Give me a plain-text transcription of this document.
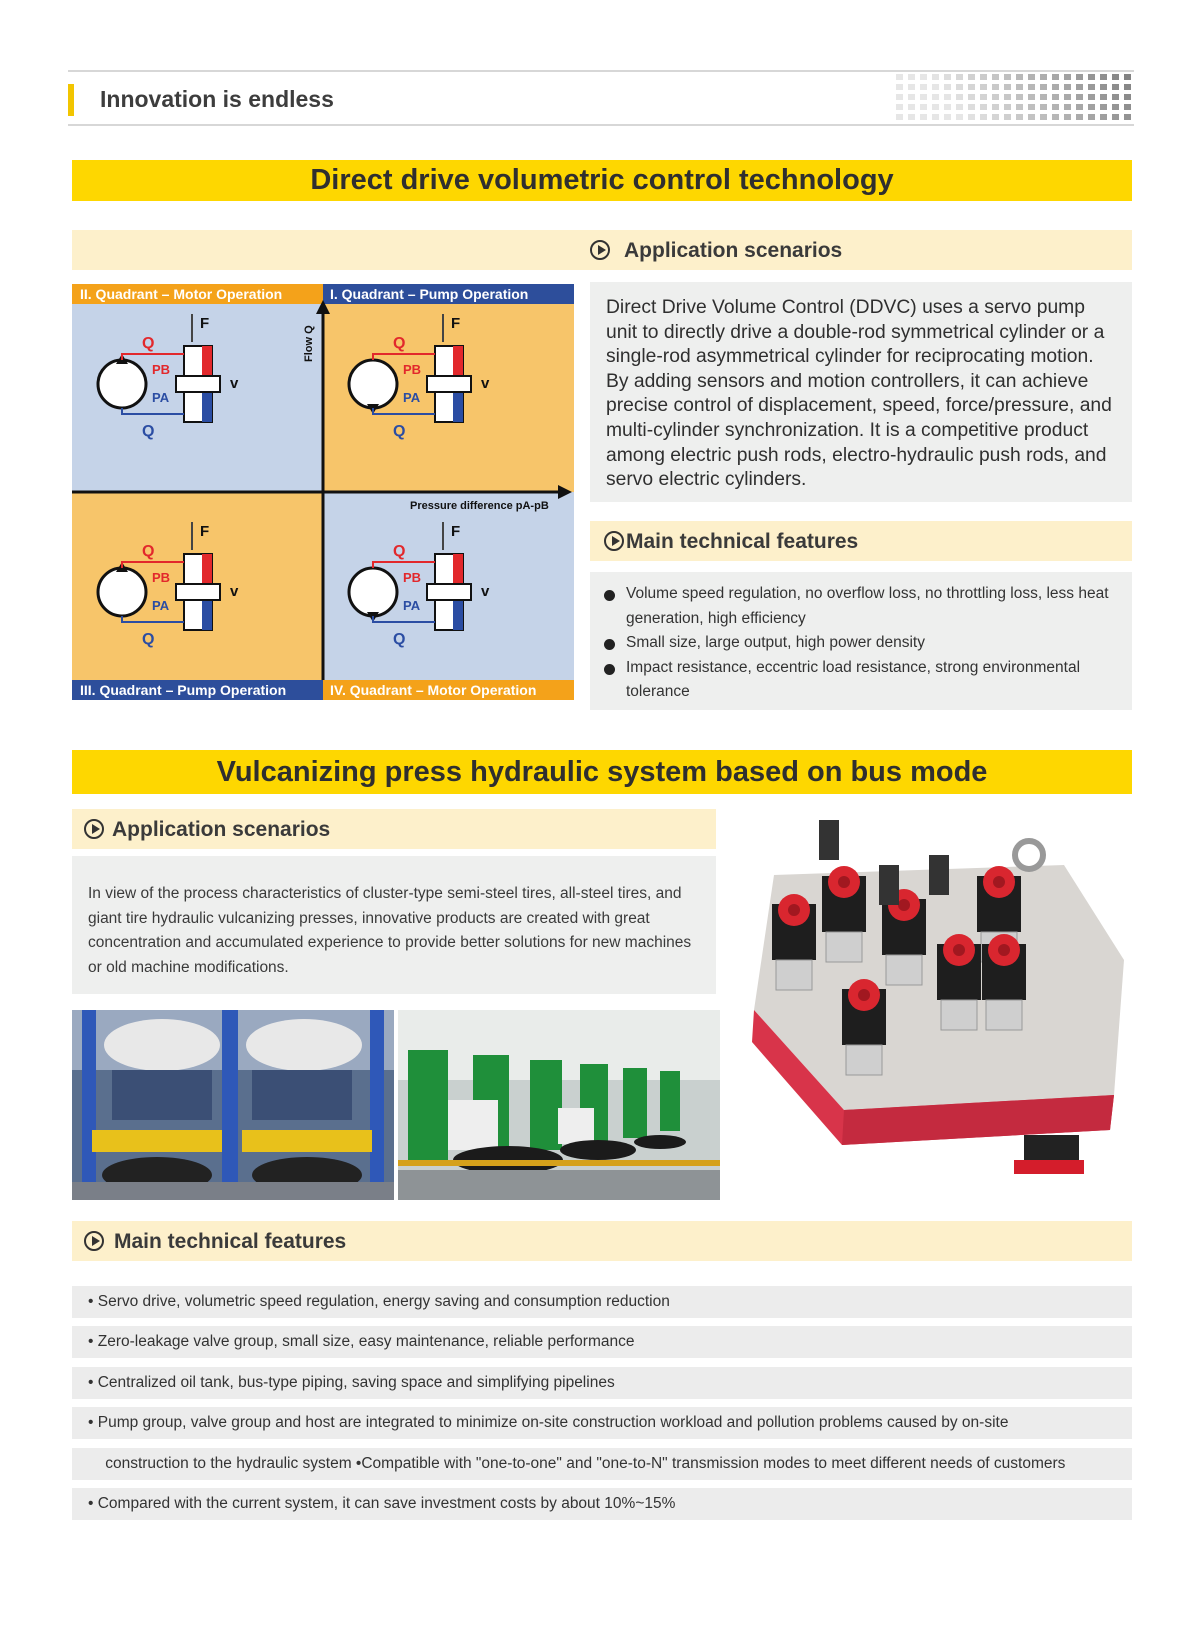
Innovation is endless
Direct drive volumetric control technology
Application scenarios
II. Quadrant – Motor Operation	I. Quadrant – Pump Operation
III. Quadrant – Pump Operation	IV. Quadrant – Motor Operation
Flow Q
Pressure difference pA-pB
F
v
Q
Q
PB
PA
F
v
Q
Q
PB
PA
F
v
Q
Q
PB
PA
F
v
Q
Q
PB
PA

Direct Drive Volume Control (DDVC) uses a servo pump unit to directly drive a double-rod symmetrical cylinder or a single-rod asymmetrical cylinder for reciprocating motion. By adding sensors and motion controllers, it can achieve precise control of displacement, speed, force/pressure, and multi-cylinder synchronization. It is a competitive product among electric push rods, electro-hydraulic push rods, and servo electric cylinders.

Main technical features
Volume speed regulation, no overflow loss, no throttling loss, less heat generation, high efficiency
Small size, large output, high power density
Impact resistance, eccentric load resistance, strong environmental tolerance
Vulcanizing press hydraulic system based on bus mode
Application scenarios

In view of the process characteristics of cluster-type semi-steel tires, all-steel tires, and giant tire hydraulic vulcanizing presses, innovative products are created with great concentration and accumulated experience to provide better solutions for new machines or old machine modifications.

Main technical features
• Servo drive, volumetric speed regulation, energy saving and consumption reduction
• Zero-leakage valve group, small size, easy maintenance, reliable performance
• Centralized oil tank, bus-type piping, saving space and simplifying pipelines
• Pump group, valve group and host are integrated to minimize on-site construction workload and pollution problems caused by on-site
construction to the hydraulic system •Compatible with "one-to-one" and "one-to-N" transmission modes to meet different needs of customers
• Compared with the current system, it can save investment costs by about 10%~15%
